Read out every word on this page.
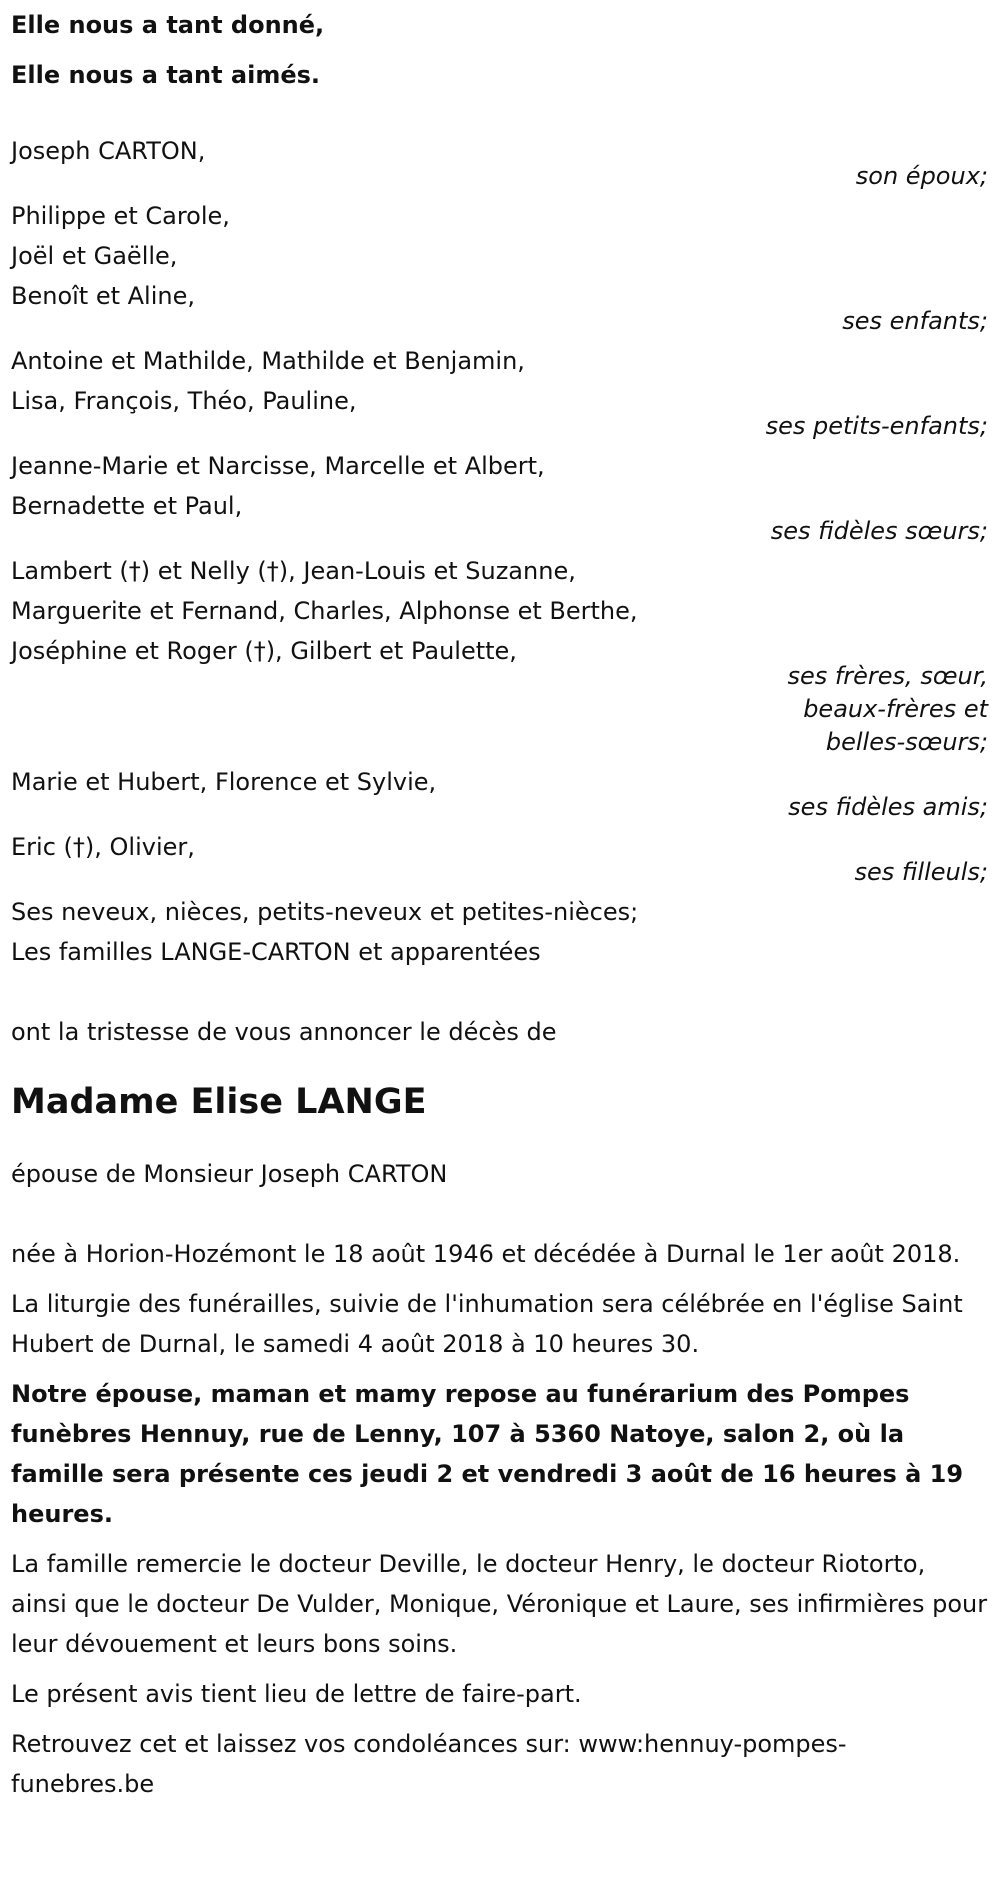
Elle nous a tant donné,
Elle nous a tant aimés.
Joseph CARTON,
son époux;
Philippe et Carole,
Joël et Gaëlle,
Benoît et Aline,
ses enfants;
Antoine et Mathilde, Mathilde et Benjamin,
Lisa, François, Théo, Pauline,
ses petits-enfants;
Jeanne-Marie et Narcisse, Marcelle et Albert,
Bernadette et Paul,
ses fidèles sœurs;
Lambert (†) et Nelly (†), Jean-Louis et Suzanne,
Marguerite et Fernand, Charles, Alphonse et Berthe,
Joséphine et Roger (†), Gilbert et Paulette,
ses frères, sœur,
beaux-frères et
belles-sœurs;
Marie et Hubert, Florence et Sylvie,
ses fidèles amis;
Eric (†), Olivier,
ses filleuls;
Ses neveux, nièces, petits-neveux et petites-nièces;
Les familles LANGE-CARTON et apparentées
ont la tristesse de vous annoncer le décès de
Madame Elise LANGE

épouse de Monsieur Joseph CARTON

née à Horion-Hozémont le 18 août 1946 et décédée à Durnal le 1er août 2018.

La liturgie des funérailles, suivie de l'inhumation sera célébrée en l'église Saint Hubert de Durnal, le samedi 4 août 2018 à 10 heures 30.

Notre épouse, maman et mamy repose au funérarium des Pompes funèbres Hennuy, rue de Lenny, 107 à 5360 Natoye, salon 2, où la famille sera présente ces jeudi 2 et vendredi 3 août de 16 heures à 19 heures.

La famille remercie le docteur Deville, le docteur Henry, le docteur Riotorto, ainsi que le docteur De Vulder, Monique, Véronique et Laure, ses infirmières pour leur dévouement et leurs bons soins.

Le présent avis tient lieu de lettre de faire-part.

Retrouvez cet et laissez vos condoléances sur: www:hennuy-pompes-funebres.be
